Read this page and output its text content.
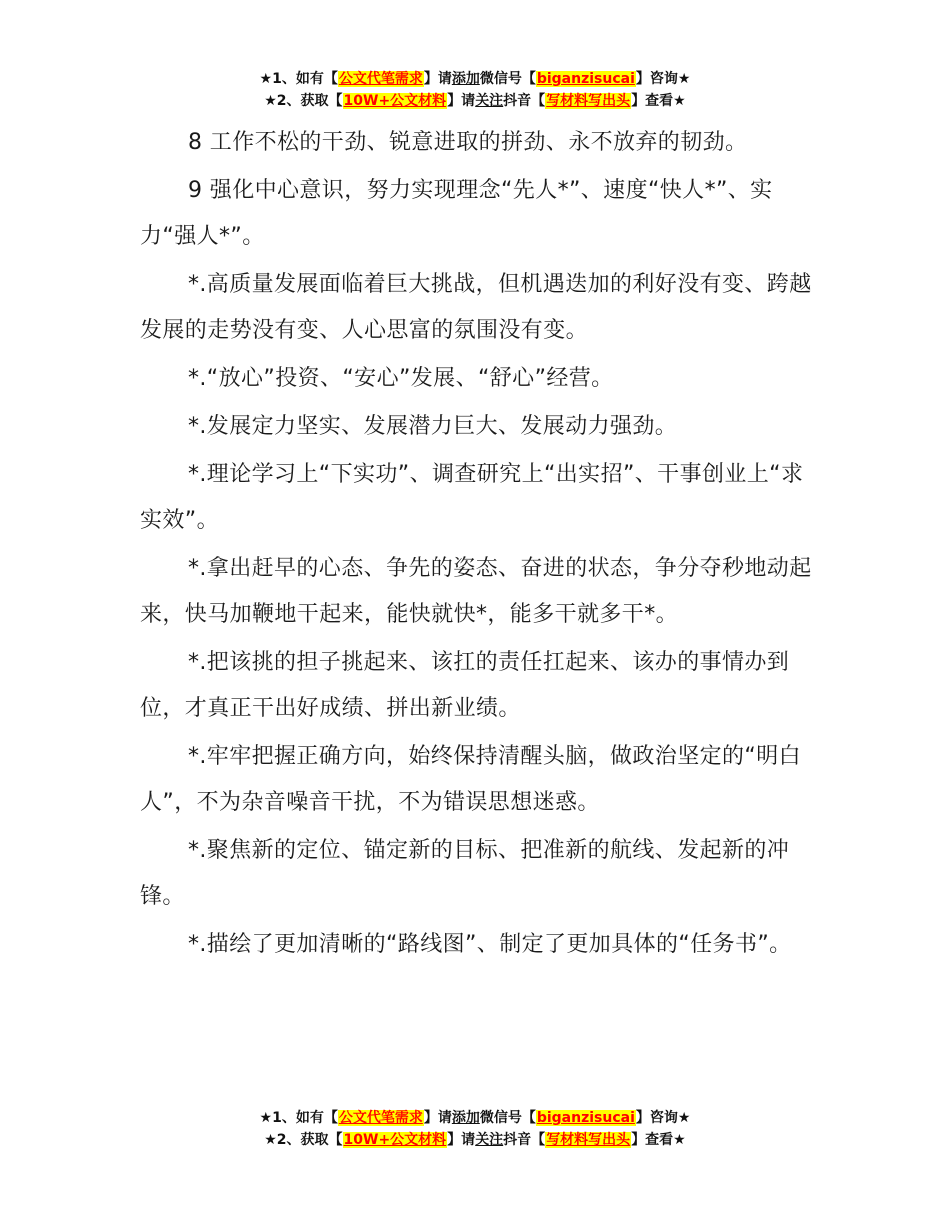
★1、如有【公文代笔需求】请添加微信号【biganzisucai】咨询★
★2、获取【10W+公文材料】请关注抖音【写材料写出头】查看★

8 工作不松的干劲、锐意进取的拼劲、永不放弃的韧劲。

9 强化中心意识，努力实现理念“先人*”、速度“快人*”、实力“强人*”。

*.高质量发展面临着巨大挑战，但机遇迭加的利好没有变、跨越发展的走势没有变、人心思富的氛围没有变。

*.“放心”投资、“安心”发展、“舒心”经营。

*.发展定力坚实、发展潜力巨大、发展动力强劲。

*.理论学习上“下实功”、调查研究上“出实招”、干事创业上“求实效”。

*.拿出赶早的心态、争先的姿态、奋进的状态，争分夺秒地动起来，快马加鞭地干起来，能快就快*，能多干就多干*。

*.把该挑的担子挑起来、该扛的责任扛起来、该办的事情办到位，才真正干出好成绩、拼出新业绩。

*.牢牢把握正确方向，始终保持清醒头脑，做政治坚定的“明白人”，不为杂音噪音干扰，不为错误思想迷惑。

*.聚焦新的定位、锚定新的目标、把准新的航线、发起新的冲锋。

*.描绘了更加清晰的“路线图”、制定了更加具体的“任务书”。

★1、如有【公文代笔需求】请添加微信号【biganzisucai】咨询★
★2、获取【10W+公文材料】请关注抖音【写材料写出头】查看★
